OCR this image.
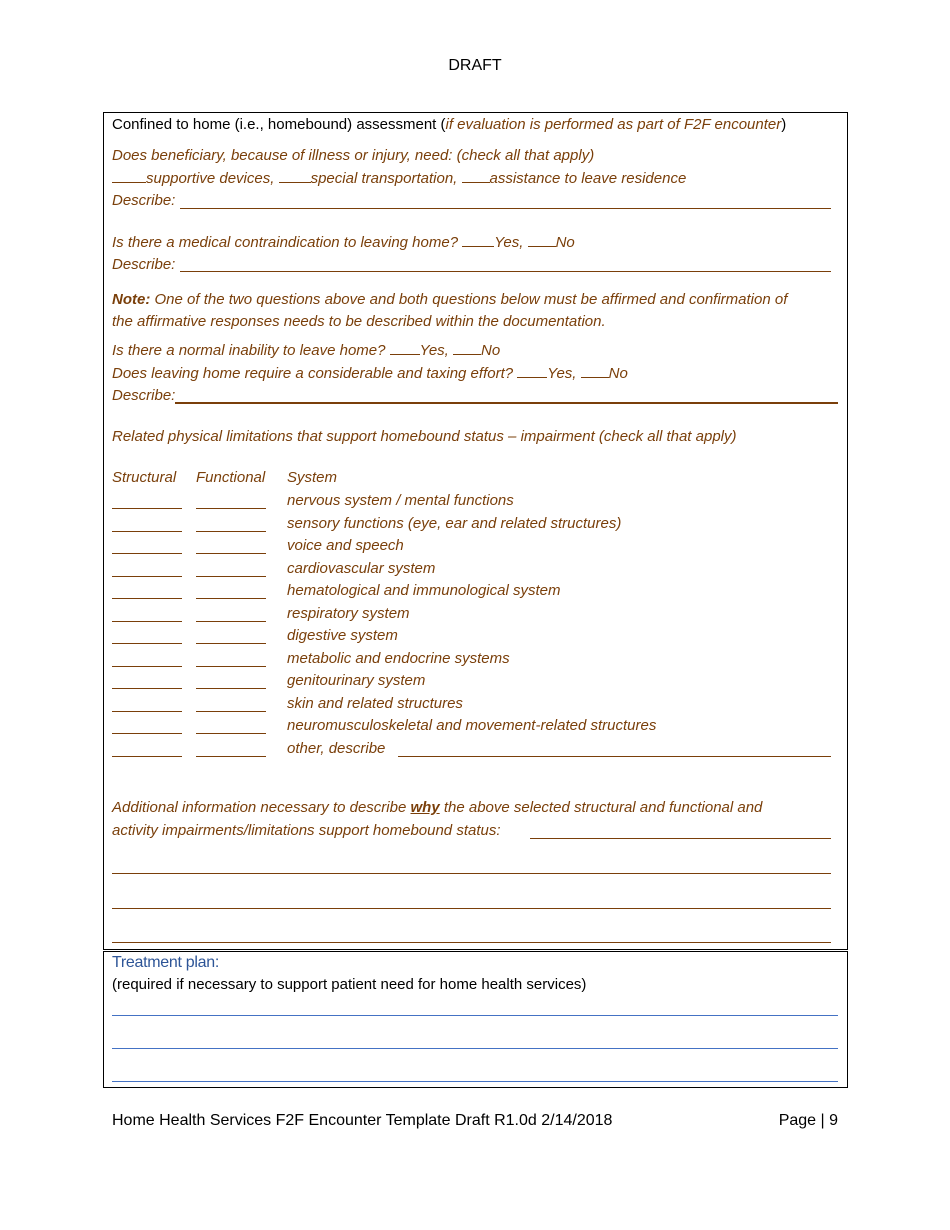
DRAFT
Confined to home (i.e., homebound) assessment (if evaluation is performed as part of F2F encounter)
Does beneficiary, because of illness or injury, need: (check all that apply)
supportive devices, special transportation, assistance to leave residence
Describe:
Is there a medical contraindication to leaving home? Yes, No
Describe:
Note: One of the two questions above and both questions below must be affirmed and confirmation of
the affirmative responses needs to be described within the documentation.
Is there a normal inability to leave home? Yes, No
Does leaving home require a considerable and taxing effort? Yes, No
Describe:
Related physical limitations that support homebound status – impairment (check all that apply)
Structural Functional System
nervous system / mental functions
sensory functions (eye, ear and related structures)
voice and speech
cardiovascular system
hematological and immunological system
respiratory system
digestive system
metabolic and endocrine systems
genitourinary system
skin and related structures
neuromusculoskeletal and movement-related structures
other, describe
Additional information necessary to describe why the above selected structural and functional and
activity impairments/limitations support homebound status:
Treatment plan:
(required if necessary to support patient need for home health services)
Home Health Services F2F Encounter Template Draft R1.0d 2/14/2018	Page | 9
